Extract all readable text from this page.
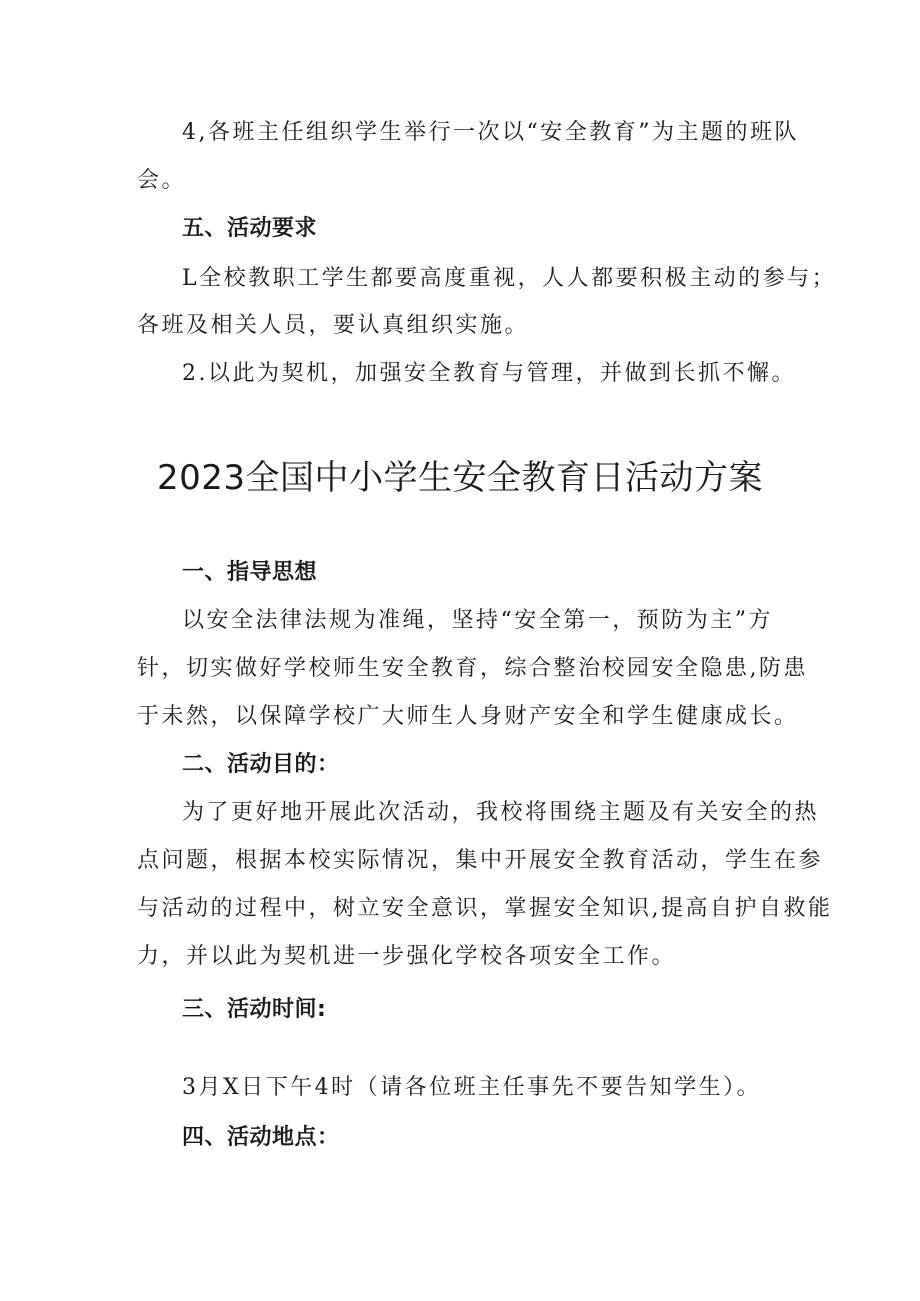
4,各班主任组织学生举行一次以“安全教育”为主题的班队
会。
五、活动要求
L全校教职工学生都要高度重视，人人都要积极主动的参与；
各班及相关人员，要认真组织实施。
2.以此为契机，加强安全教育与管理，并做到长抓不懈。
2023全国中小学生安全教育日活动方案
一、指导思想
以安全法律法规为准绳，坚持“安全第一，预防为主”方
针，切实做好学校师生安全教育，综合整治校园安全隐患,防患
于未然，以保障学校广大师生人身财产安全和学生健康成长。
二、活动目的：
为了更好地开展此次活动，我校将围绕主题及有关安全的热
点问题，根据本校实际情况，集中开展安全教育活动，学生在参
与活动的过程中，树立安全意识，掌握安全知识,提高自护自救能
力，并以此为契机进一步强化学校各项安全工作。
三、活动时间:
3月X日下午4时（请各位班主任事先不要告知学生）。
四、活动地点：
